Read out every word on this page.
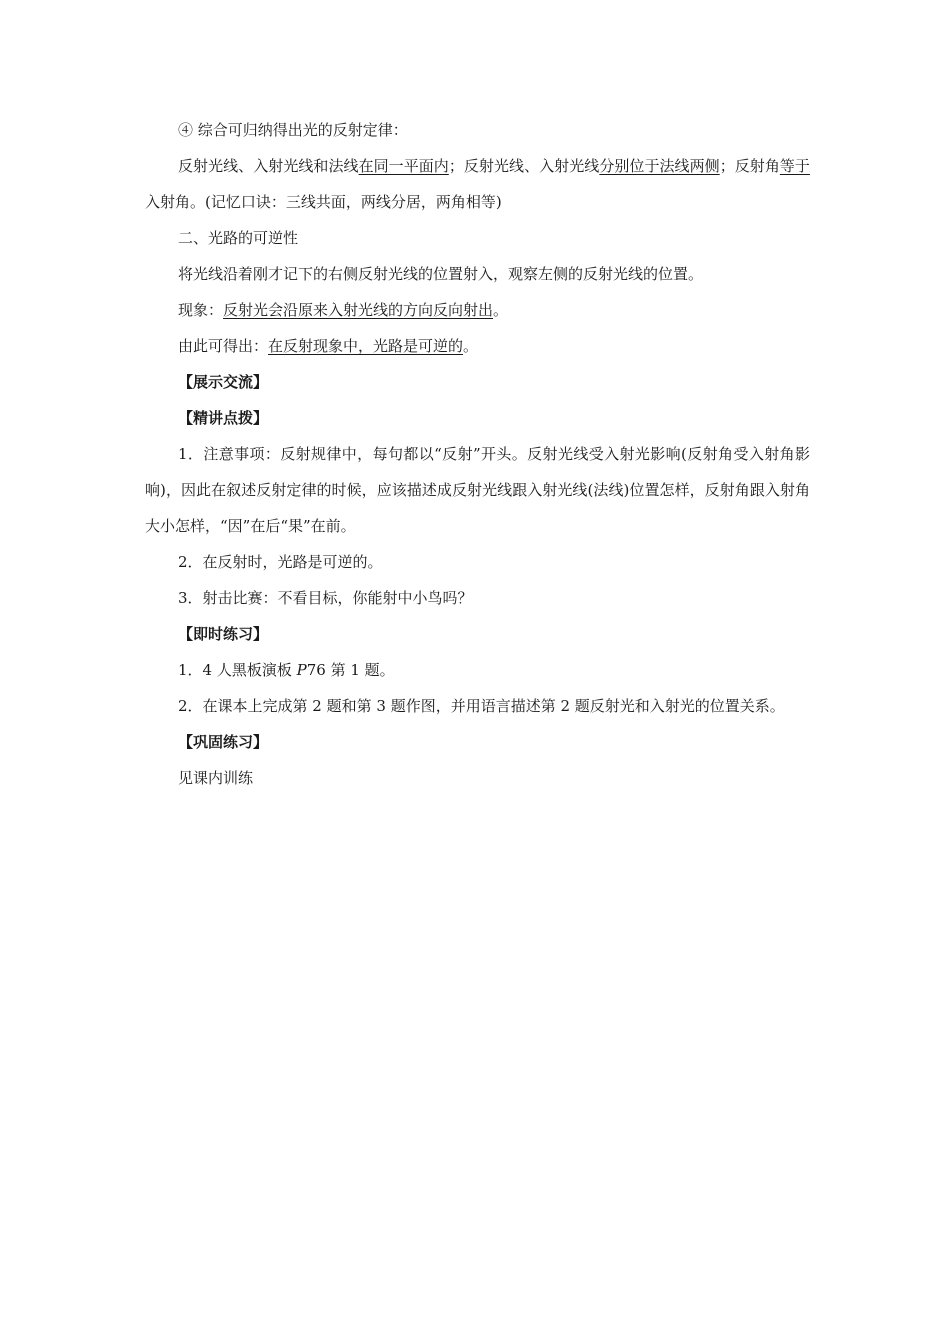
④ 综合可归纳得出光的反射定律：

反射光线、入射光线和法线在同一平面内；反射光线、入射光线分别位于法线两侧；反射角等于入射角。(记忆口诀：三线共面，两线分居，两角相等)

二、光路的可逆性

将光线沿着刚才记下的右侧反射光线的位置射入，观察左侧的反射光线的位置。

现象：反射光会沿原来入射光线的方向反向射出。

由此可得出：在反射现象中，光路是可逆的。

【展示交流】

【精讲点拨】

1．注意事项：反射规律中，每句都以“反射”开头。反射光线受入射光影响(反射角受入射角影响)，因此在叙述反射定律的时候，应该描述成反射光线跟入射光线(法线)位置怎样，反射角跟入射角大小怎样，“因”在后“果”在前。

2．在反射时，光路是可逆的。

3．射击比赛：不看目标，你能射中小鸟吗？

【即时练习】

1．4 人黑板演板 P76 第 1 题。

2．在课本上完成第 2 题和第 3 题作图，并用语言描述第 2 题反射光和入射光的位置关系。

【巩固练习】

见课内训练
